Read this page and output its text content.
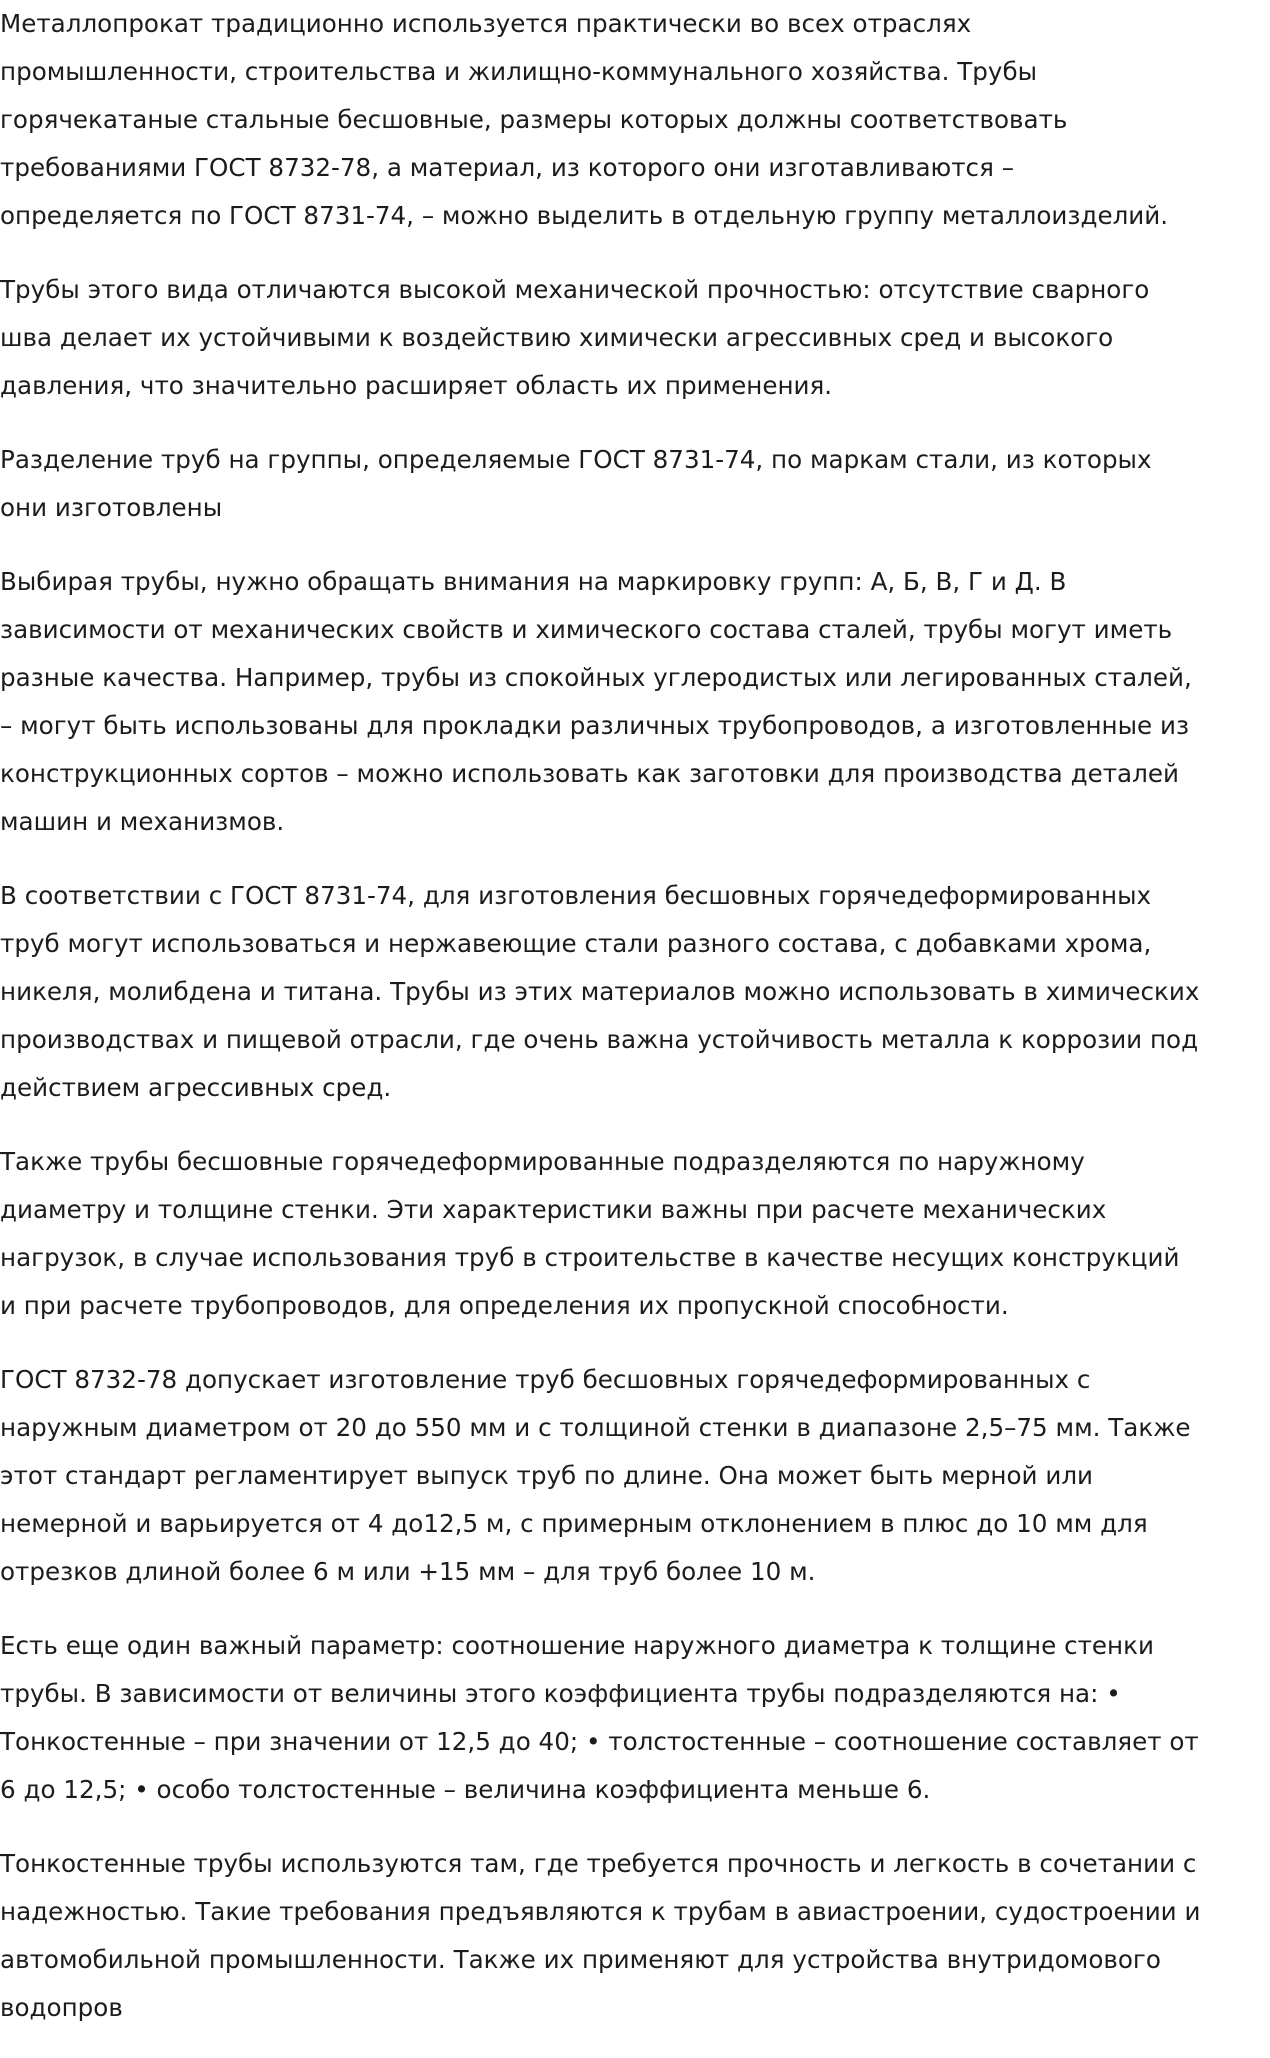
Металлопрокат традиционно используется практически во всех отраслях
промышленности, строительства и жилищно-коммунального хозяйства. Трубы
горячекатаные стальные бесшовные, размеры которых должны соответствовать
требованиями ГОСТ 8732-78, а материал, из которого они изготавливаются –
определяется по ГОСТ 8731-74, – можно выделить в отдельную группу металлоизделий.

Трубы этого вида отличаются высокой механической прочностью: отсутствие сварного
шва делает их устойчивыми к воздействию химически агрессивных сред и высокого
давления, что значительно расширяет область их применения.

Разделение труб на группы, определяемые ГОСТ 8731-74, по маркам стали, из которых
они изготовлены

Выбирая трубы, нужно обращать внимания на маркировку групп: А, Б, В, Г и Д. В
зависимости от механических свойств и химического состава сталей, трубы могут иметь
разные качества. Например, трубы из спокойных углеродистых или легированных сталей,
– могут быть использованы для прокладки различных трубопроводов, а изготовленные из
конструкционных сортов – можно использовать как заготовки для производства деталей
машин и механизмов.

В соответствии с ГОСТ 8731-74, для изготовления бесшовных горячедеформированных
труб могут использоваться и нержавеющие стали разного состава, с добавками хрома,
никеля, молибдена и титана. Трубы из этих материалов можно использовать в химических
производствах и пищевой отрасли, где очень важна устойчивость металла к коррозии под
действием агрессивных сред.

Также трубы бесшовные горячедеформированные подразделяются по наружному
диаметру и толщине стенки. Эти характеристики важны при расчете механических
нагрузок, в случае использования труб в строительстве в качестве несущих конструкций
и при расчете трубопроводов, для определения их пропускной способности.

ГОСТ 8732-78 допускает изготовление труб бесшовных горячедеформированных с
наружным диаметром от 20 до 550 мм и с толщиной стенки в диапазоне 2,5–75 мм. Также
этот стандарт регламентирует выпуск труб по длине. Она может быть мерной или
немерной и варьируется от 4 до12,5 м, с примерным отклонением в плюс до 10 мм для
отрезков длиной более 6 м или +15 мм – для труб более 10 м.

Есть еще один важный параметр: соотношение наружного диаметра к толщине стенки
трубы. В зависимости от величины этого коэффициента трубы подразделяются на: •
Тонкостенные – при значении от 12,5 до 40; • толстостенные – соотношение составляет от
6 до 12,5; • особо толстостенные – величина коэффициента меньше 6.

Тонкостенные трубы используются там, где требуется прочность и легкость в сочетании с
надежностью. Такие требования предъявляются к трубам в авиастроении, судостроении и
автомобильной промышленности. Также их применяют для устройства внутридомового
водопров
